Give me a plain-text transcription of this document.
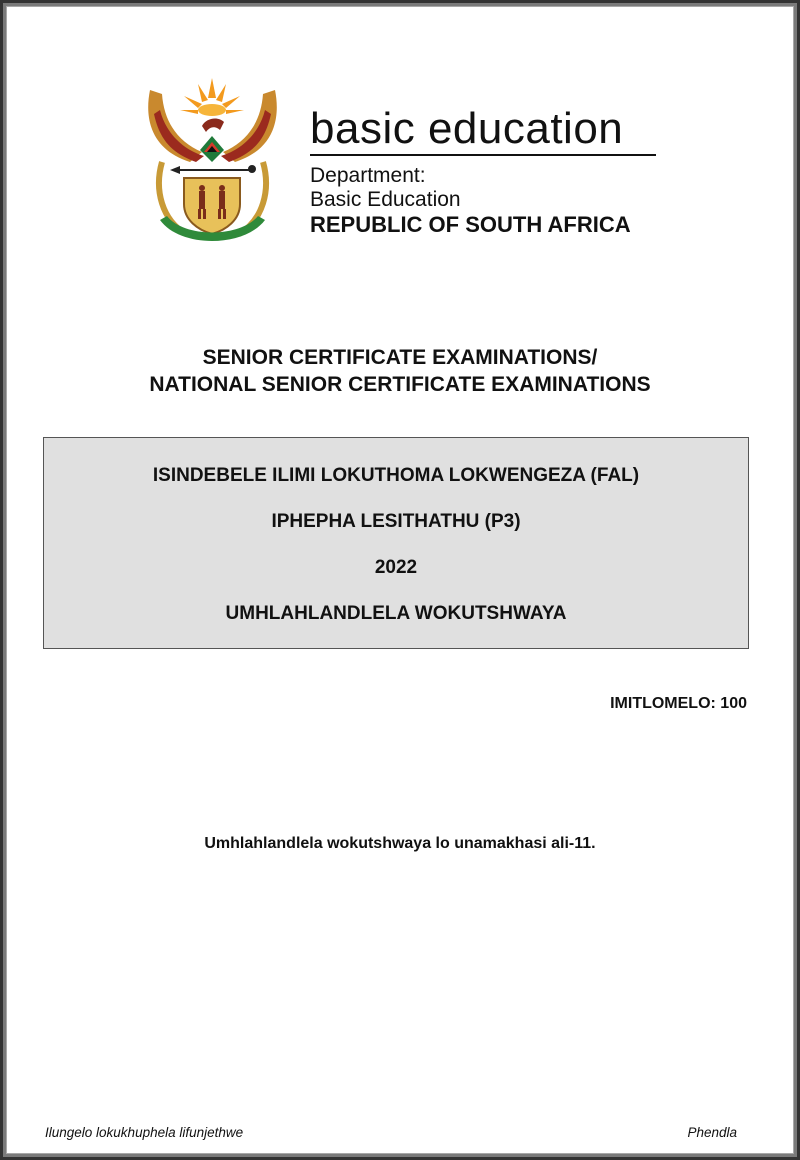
basic education
Department:
Basic Education
REPUBLIC OF SOUTH AFRICA
SENIOR CERTIFICATE EXAMINATIONS/
NATIONAL SENIOR CERTIFICATE EXAMINATIONS
ISINDEBELE ILIMI LOKUTHOMA LOKWENGEZA (FAL)
IPHEPHA LESITHATHU (P3)
2022
UMHLAHLANDLELA WOKUTSHWAYA
IMITLOMELO: 100
Umhlahlandlela wokutshwaya lo unamakhasi ali-11.
Ilungelo lokukhuphela lifunjethwe	Phendla
